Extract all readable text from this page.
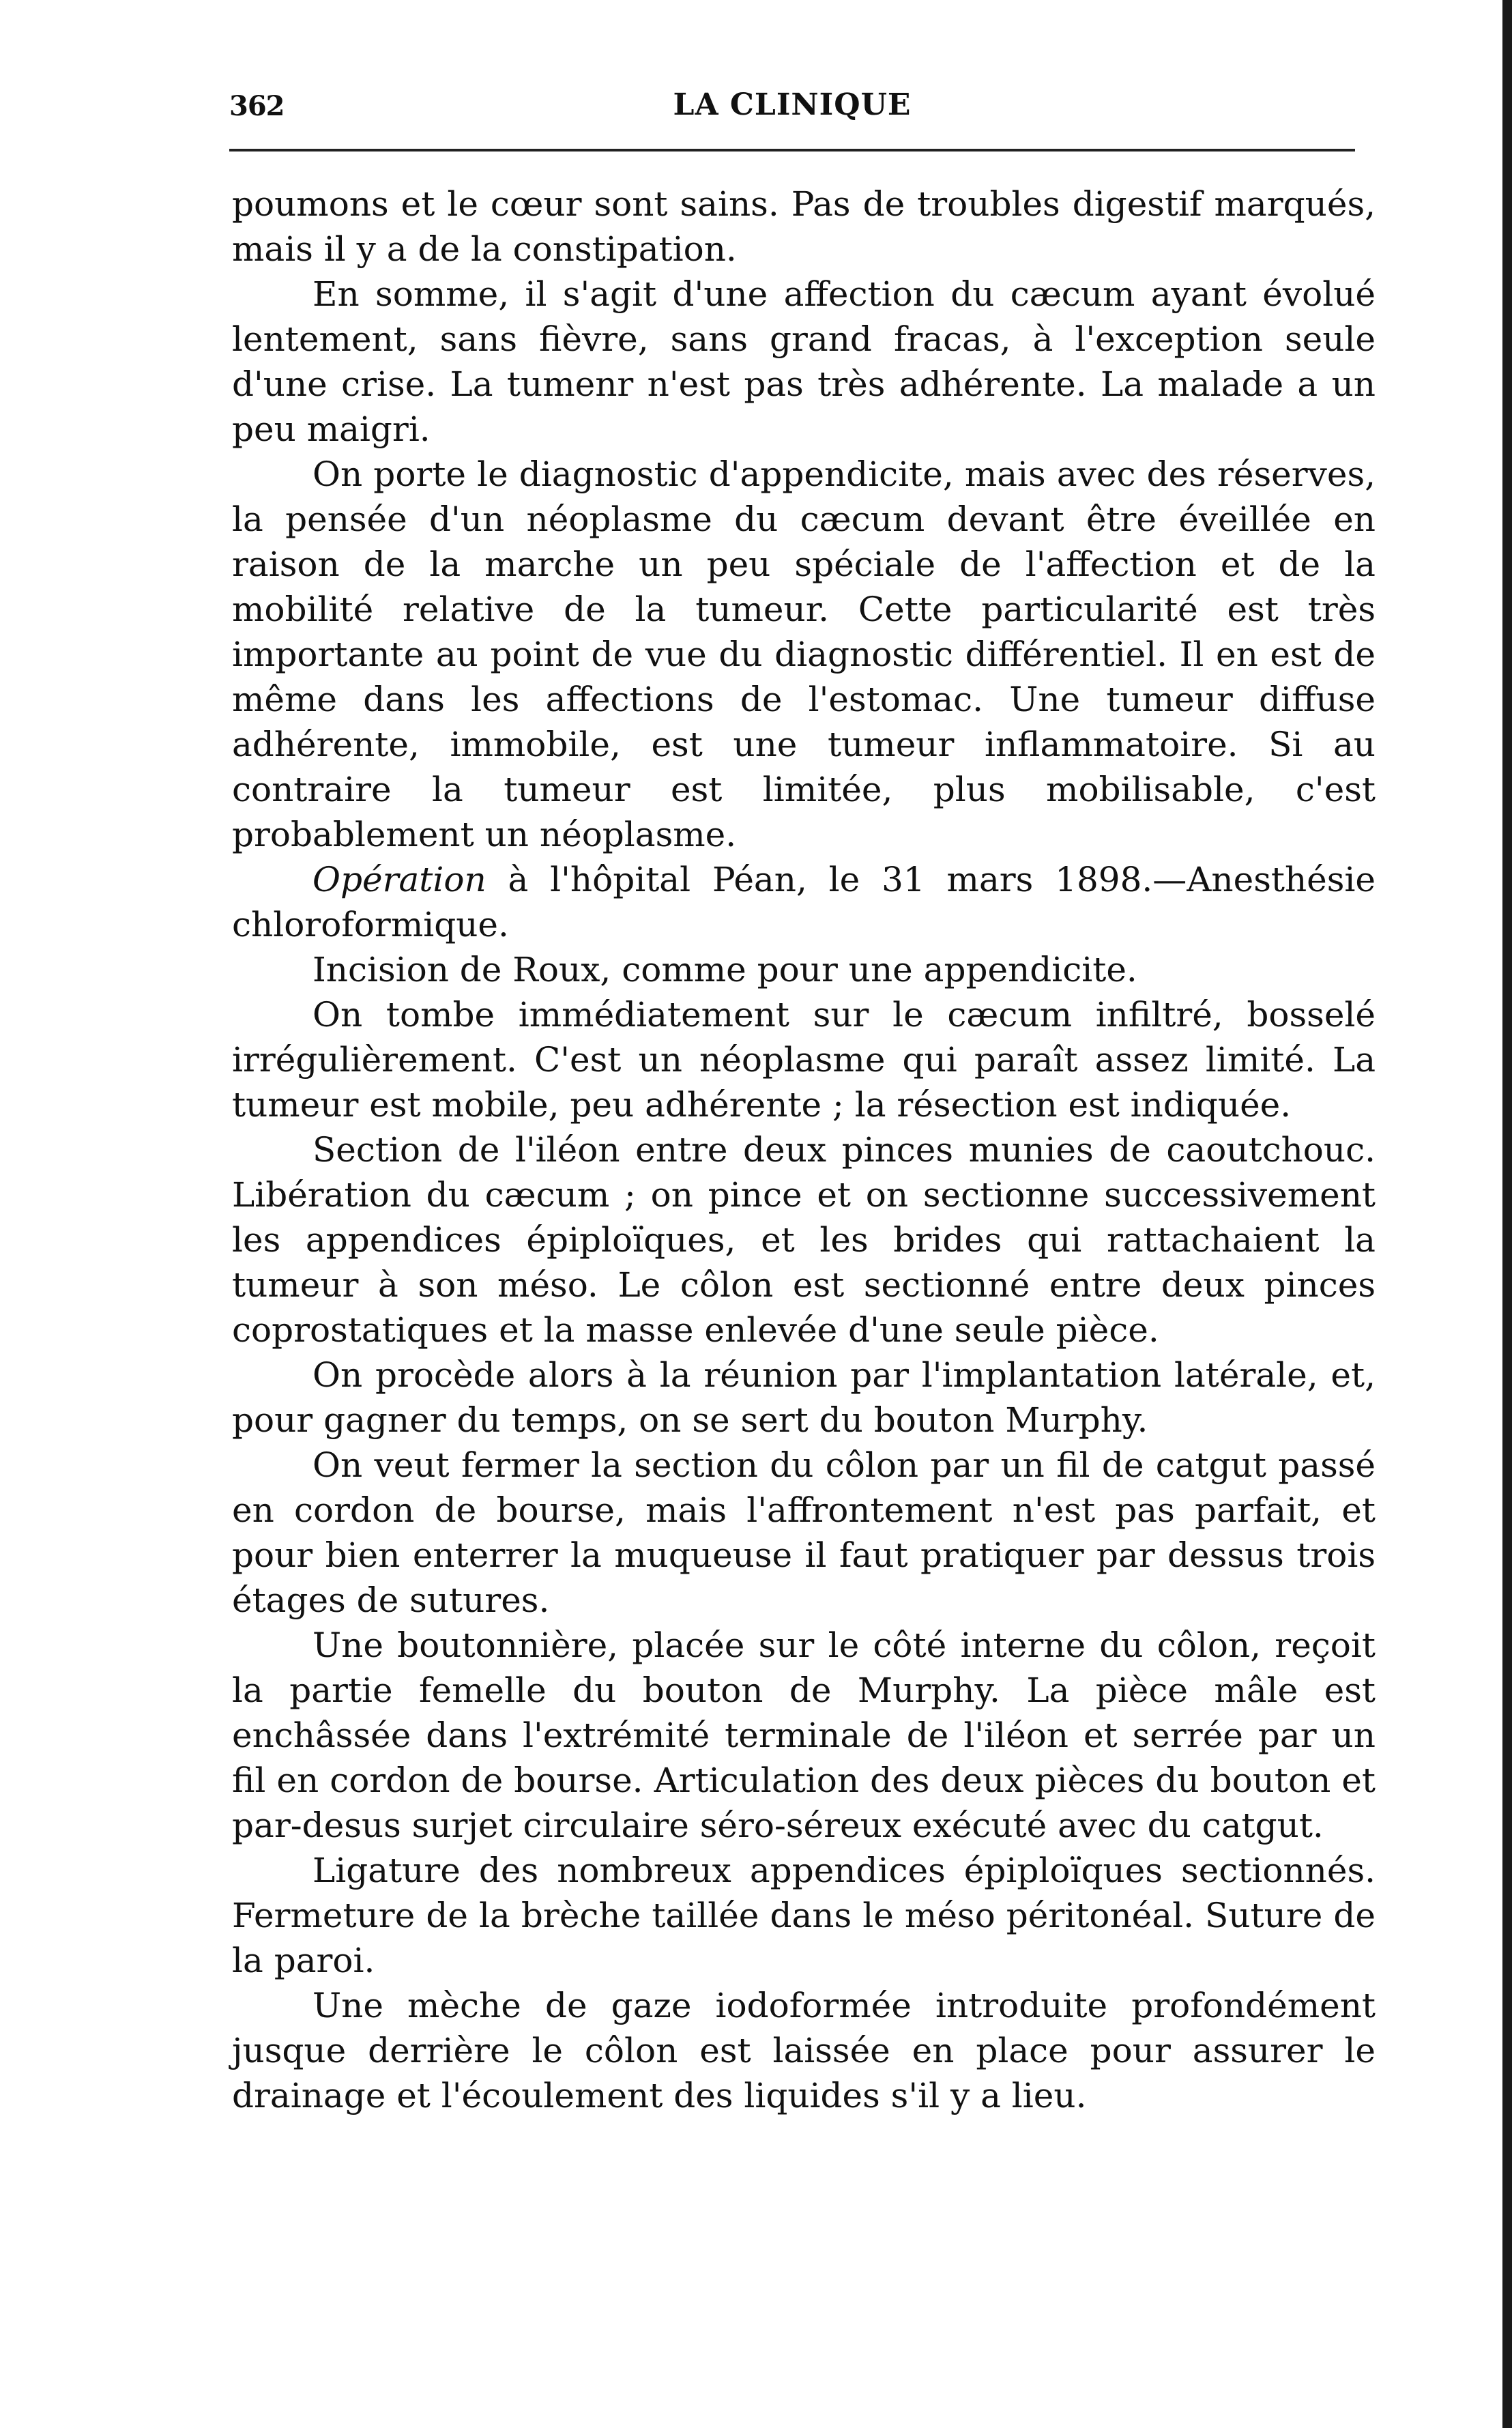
362	LA CLINIQUE

poumons et le cœur sont sains. Pas de troubles digestif marqués, mais il y a de la constipation.

En somme, il s'agit d'une affection du cæcum ayant évolué lentement, sans fièvre, sans grand fracas, à l'exception seule d'une crise. La tumenr n'est pas très adhérente. La malade a un peu maigri.

On porte le diagnostic d'appendicite, mais avec des réserves, la pensée d'un néoplasme du cæcum devant être éveillée en raison de la marche un peu spéciale de l'affection et de la mobilité relative de la tumeur. Cette particularité est très importante au point de vue du diagnostic différentiel. Il en est de même dans les affections de l'estomac. Une tumeur diffuse adhérente, immobile, est une tumeur inflammatoire. Si au contraire la tumeur est limitée, plus mobilisable, c'est probablement un néoplasme.

Opération à l'hôpital Péan, le 31 mars 1898.—Anesthésie chloroformique.

Incision de Roux, comme pour une appendicite.

On tombe immédiatement sur le cæcum infiltré, bosselé irrégulièrement. C'est un néoplasme qui paraît assez limité. La tumeur est mobile, peu adhérente ; la résection est indiquée.

Section de l'iléon entre deux pinces munies de caoutchouc. Libération du cæcum ; on pince et on sectionne successivement les appendices épiploïques, et les brides qui rattachaient la tumeur à son méso. Le côlon est sectionné entre deux pinces coprostatiques et la masse enlevée d'une seule pièce.

On procède alors à la réunion par l'implantation latérale, et, pour gagner du temps, on se sert du bouton Murphy.

On veut fermer la section du côlon par un fil de catgut passé en cordon de bourse, mais l'affrontement n'est pas parfait, et pour bien enterrer la muqueuse il faut pratiquer par dessus trois étages de sutures.

Une boutonnière, placée sur le côté interne du côlon, reçoit la partie femelle du bouton de Murphy. La pièce mâle est enchâssée dans l'extrémité terminale de l'iléon et serrée par un fil en cordon de bourse. Articulation des deux pièces du bouton et par-desus surjet circulaire séro-séreux exécuté avec du catgut.

Ligature des nombreux appendices épiploïques sectionnés. Fermeture de la brèche taillée dans le méso péritonéal. Suture de la paroi.

Une mèche de gaze iodoformée introduite profondément jusque derrière le côlon est laissée en place pour assurer le drainage et l'écoulement des liquides s'il y a lieu.
